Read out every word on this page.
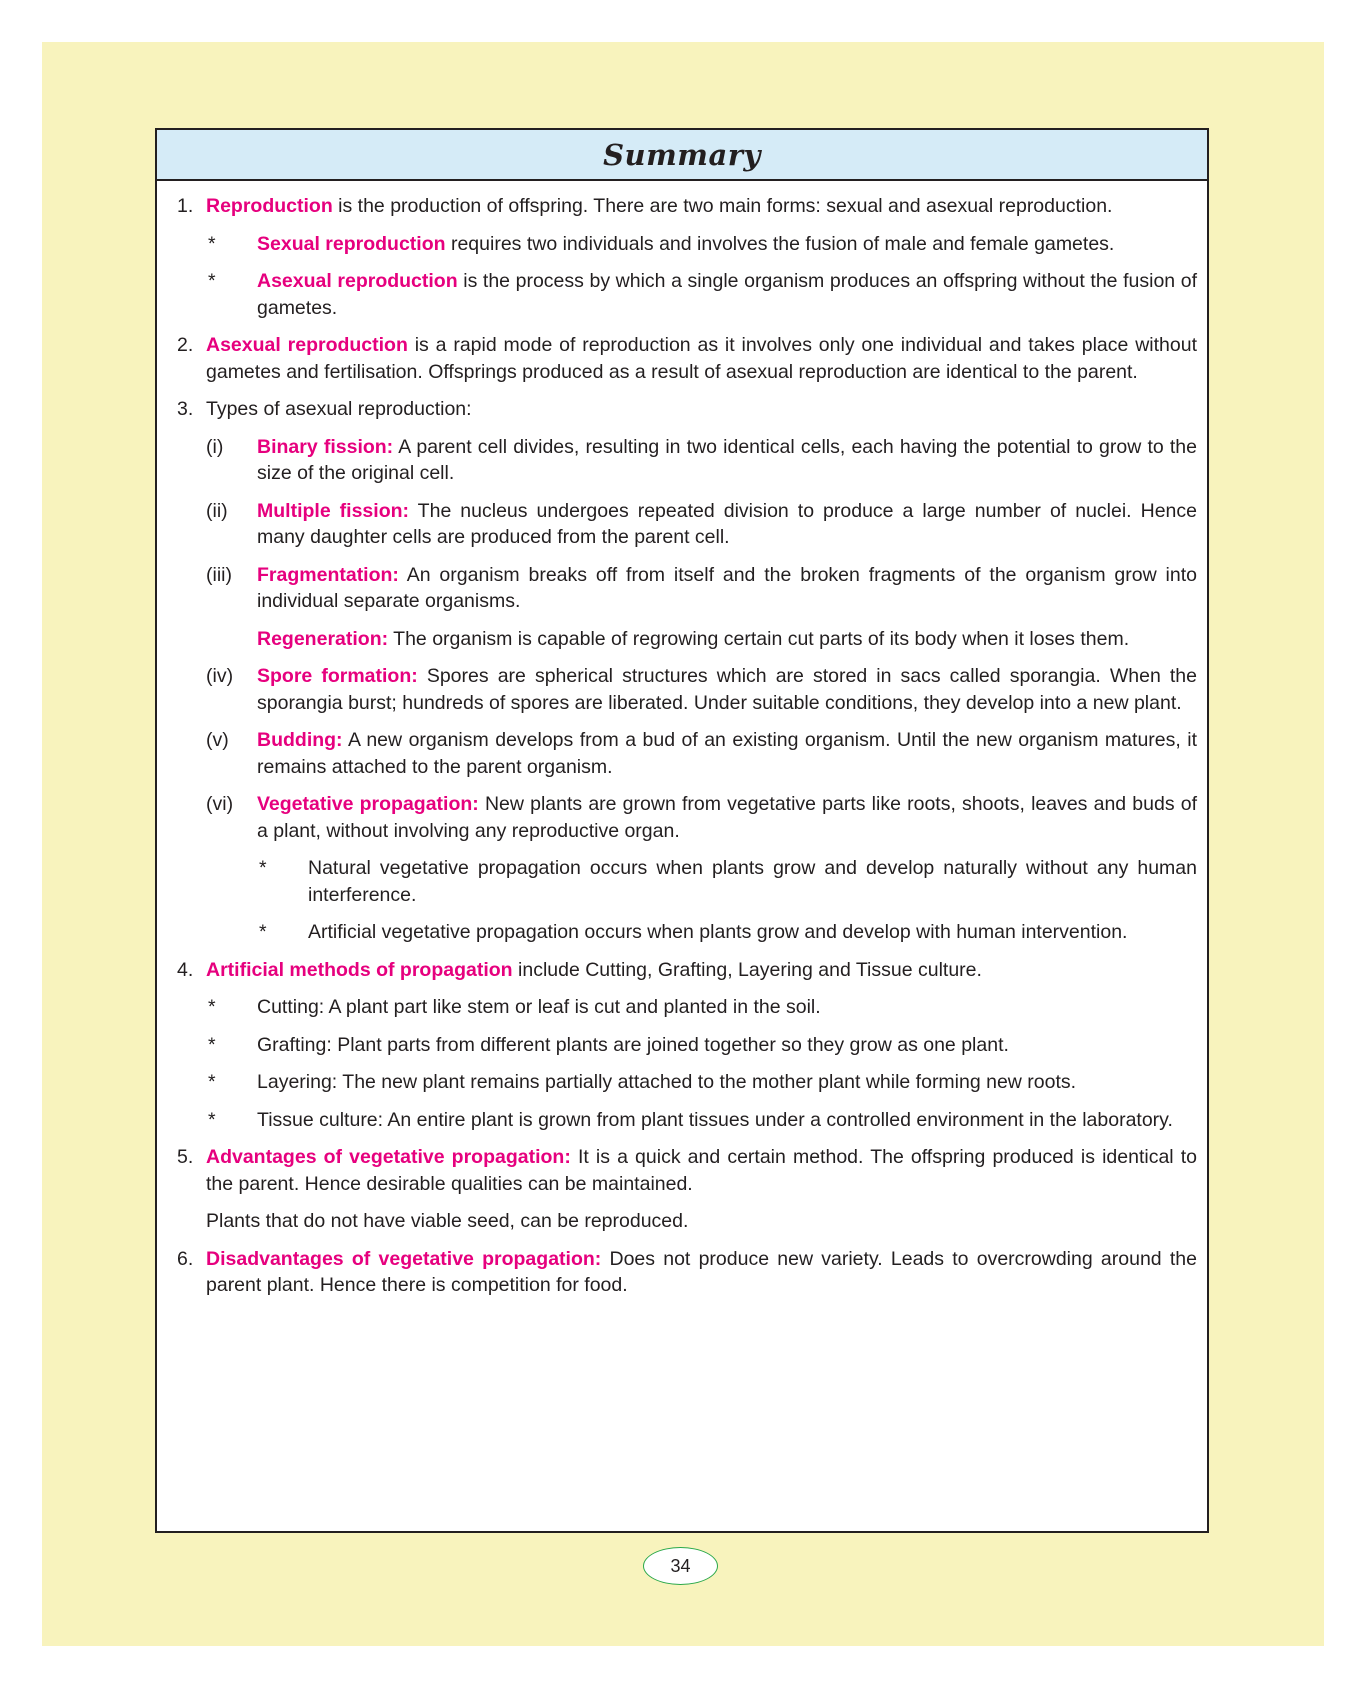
Summary
1. Reproduction is the production of offspring. There are two main forms: sexual and asexual reproduction.

*	Sexual reproduction requires two individuals and involves the fusion of male and female gametes.
*	Asexual reproduction is the process by which a single organism produces an offspring without the fusion of gametes.
2. Asexual reproduction is a rapid mode of reproduction as it involves only one individual and takes place without gametes and fertilisation. Offsprings produced as a result of asexual reproduction are identical to the parent.

3. Types of asexual reproduction:

(i)	Binary fission: A parent cell divides, resulting in two identical cells, each having the potential to grow to the size of the original cell.
(ii)	Multiple fission: The nucleus undergoes repeated division to produce a large number of nuclei. Hence many daughter cells are produced from the parent cell.
(iii)	Fragmentation: An organism breaks off from itself and the broken fragments of the organism grow into individual separate organisms.
Regeneration: The organism is capable of regrowing certain cut parts of its body when it loses them.
(iv)	Spore formation: Spores are spherical structures which are stored in sacs called sporangia. When the sporangia burst; hundreds of spores are liberated. Under suitable conditions, they develop into a new plant.
(v)	Budding: A new organism develops from a bud of an existing organism. Until the new organism matures, it remains attached to the parent organism.
(vi)	Vegetative propagation: New plants are grown from vegetative parts like roots, shoots, leaves and buds of a plant, without involving any reproductive organ.
*	Natural vegetative propagation occurs when plants grow and develop naturally without any human interference.
*	Artificial vegetative propagation occurs when plants grow and develop with human intervention.
4. Artificial methods of propagation include Cutting, Grafting, Layering and Tissue culture.

*	Cutting: A plant part like stem or leaf is cut and planted in the soil.
*	Grafting: Plant parts from different plants are joined together so they grow as one plant.
*	Layering: The new plant remains partially attached to the mother plant while forming new roots.
*	Tissue culture: An entire plant is grown from plant tissues under a controlled environment in the laboratory.
5. Advantages of vegetative propagation: It is a quick and certain method. The offspring produced is identical to the parent. Hence desirable qualities can be maintained.

Plants that do not have viable seed, can be reproduced.

6. Disadvantages of vegetative propagation: Does not produce new variety. Leads to overcrowding around the parent plant. Hence there is competition for food.

34
